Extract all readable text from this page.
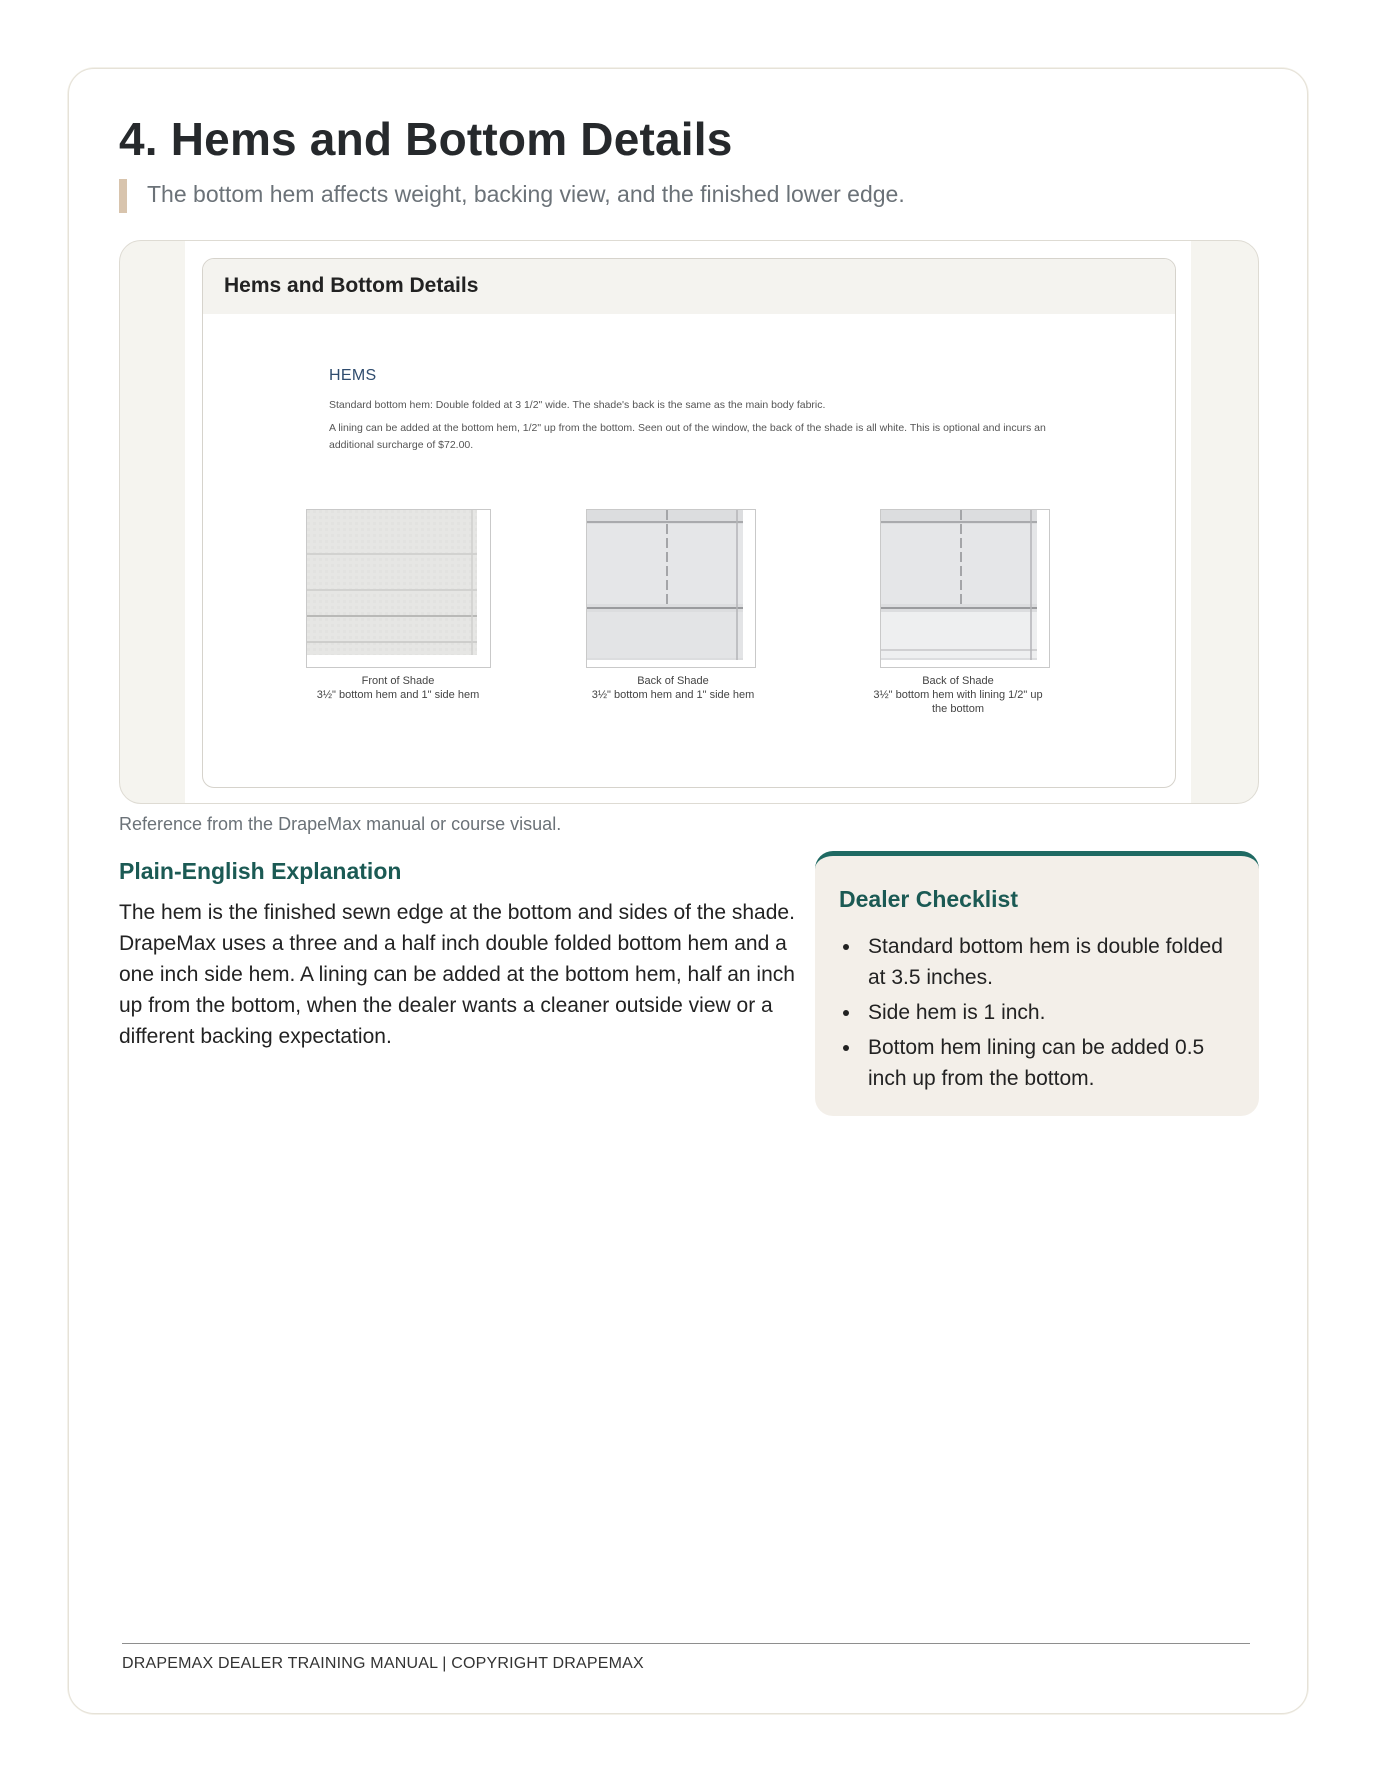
4. Hems and Bottom Details

The bottom hem affects weight, backing view, and the finished lower edge.

Hems and Bottom Details
HEMS
Standard bottom hem: Double folded at 3 1/2" wide. The shade's back is the same as the main body fabric.
A lining can be added at the bottom hem, 1/2" up from the bottom. Seen out of the window, the back of the shade is all white. This is optional and incurs an additional surcharge of $72.00.
Front of Shade
3½" bottom hem and 1" side hem
Back of Shade
3½" bottom hem and 1" side hem
Back of Shade
3½" bottom hem with lining 1/2" up the bottom

Reference from the DrapeMax manual or course visual.

Plain-English Explanation

The hem is the finished sewn edge at the bottom and sides of the shade. DrapeMax uses a three and a half inch double folded bottom hem and a one inch side hem. A lining can be added at the bottom hem, half an inch up from the bottom, when the dealer wants a cleaner outside view or a different backing expectation.

Dealer Checklist
Standard bottom hem is double folded at 3.5 inches.
Side hem is 1 inch.
Bottom hem lining can be added 0.5 inch up from the bottom.

DRAPEMAX DEALER TRAINING MANUAL | COPYRIGHT DRAPEMAX
